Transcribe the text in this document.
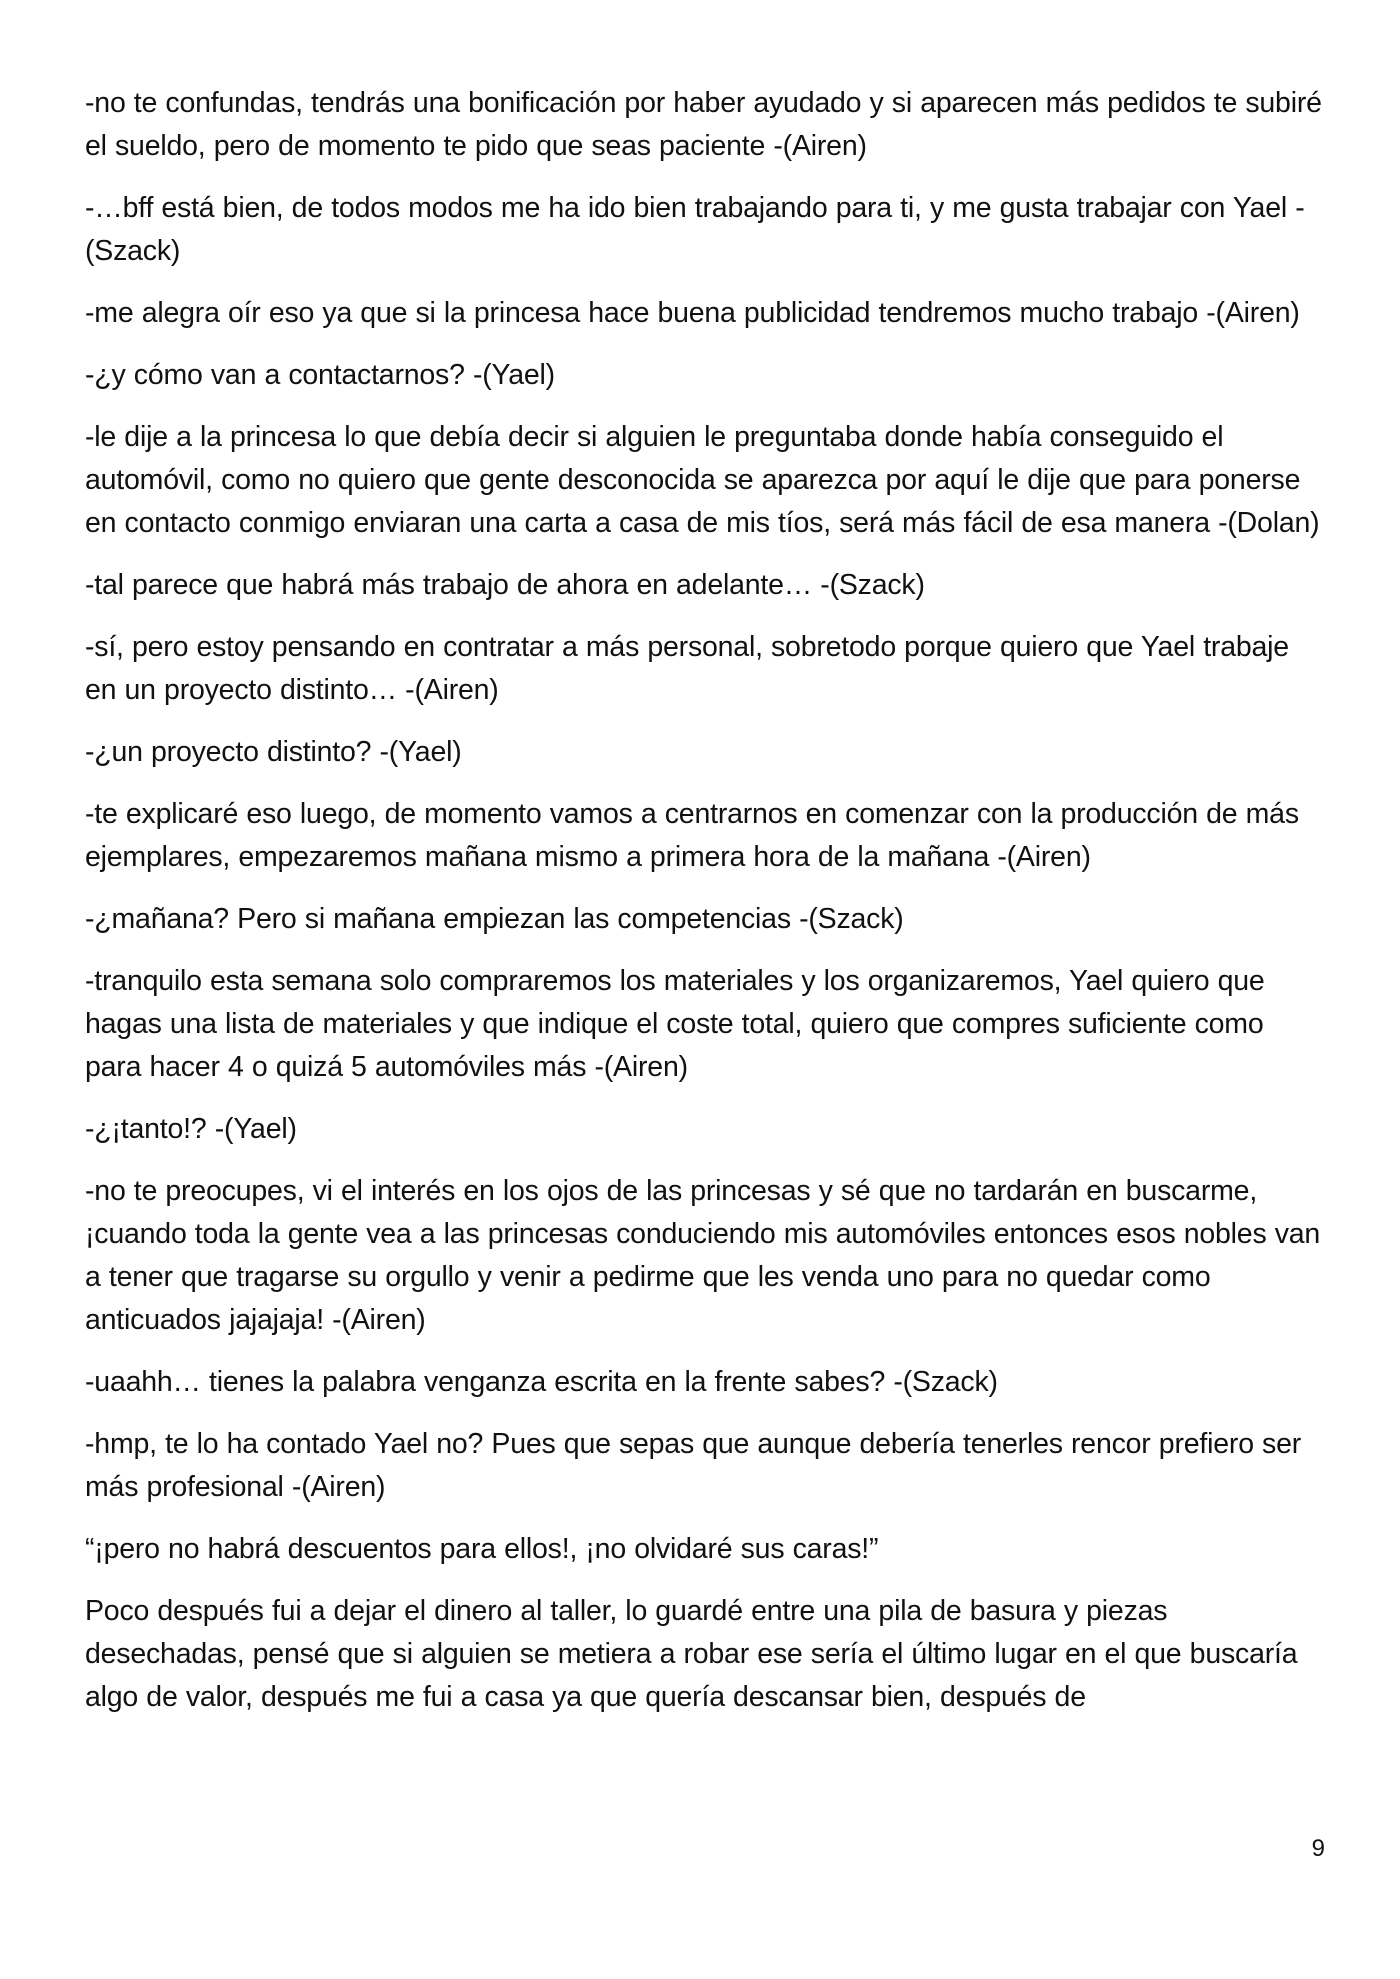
-no te confundas, tendrás una bonificación por haber ayudado y si aparecen más pedidos te subiré el sueldo, pero de momento te pido que seas paciente -(Airen)

-…bff está bien, de todos modos me ha ido bien trabajando para ti, y me gusta trabajar con Yael -(Szack)

-me alegra oír eso ya que si la princesa hace buena publicidad tendremos mucho trabajo -(Airen)

-¿y cómo van a contactarnos? -(Yael)

-le dije a la princesa lo que debía decir si alguien le preguntaba donde había conseguido el automóvil, como no quiero que gente desconocida se aparezca por aquí le dije que para ponerse en contacto conmigo enviaran una carta a casa de mis tíos, será más fácil de esa manera -(Dolan)

-tal parece que habrá más trabajo de ahora en adelante… -(Szack)

-sí, pero estoy pensando en contratar a más personal, sobretodo porque quiero que Yael trabaje en un proyecto distinto… -(Airen)

-¿un proyecto distinto? -(Yael)

-te explicaré eso luego, de momento vamos a centrarnos en comenzar con la producción de más ejemplares, empezaremos mañana mismo a primera hora de la mañana -(Airen)

-¿mañana? Pero si mañana empiezan las competencias -(Szack)

-tranquilo esta semana solo compraremos los materiales y los organizaremos, Yael quiero que hagas una lista de materiales y que indique el coste total, quiero que compres suficiente como para hacer 4 o quizá 5 automóviles más -(Airen)

-¿¡tanto!? -(Yael)

-no te preocupes, vi el interés en los ojos de las princesas y sé que no tardarán en buscarme, ¡cuando toda la gente vea a las princesas conduciendo mis automóviles entonces esos nobles van a tener que tragarse su orgullo y venir a pedirme que les venda uno para no quedar como anticuados jajajaja! -(Airen)

-uaahh… tienes la palabra venganza escrita en la frente sabes? -(Szack)

-hmp, te lo ha contado Yael no? Pues que sepas que aunque debería tenerles rencor prefiero ser más profesional -(Airen)

“¡pero no habrá descuentos para ellos!, ¡no olvidaré sus caras!”

Poco después fui a dejar el dinero al taller, lo guardé entre una pila de basura y piezas desechadas, pensé que si alguien se metiera a robar ese sería el último lugar en el que buscaría algo de valor, después me fui a casa ya que quería descansar bien, después de

9
